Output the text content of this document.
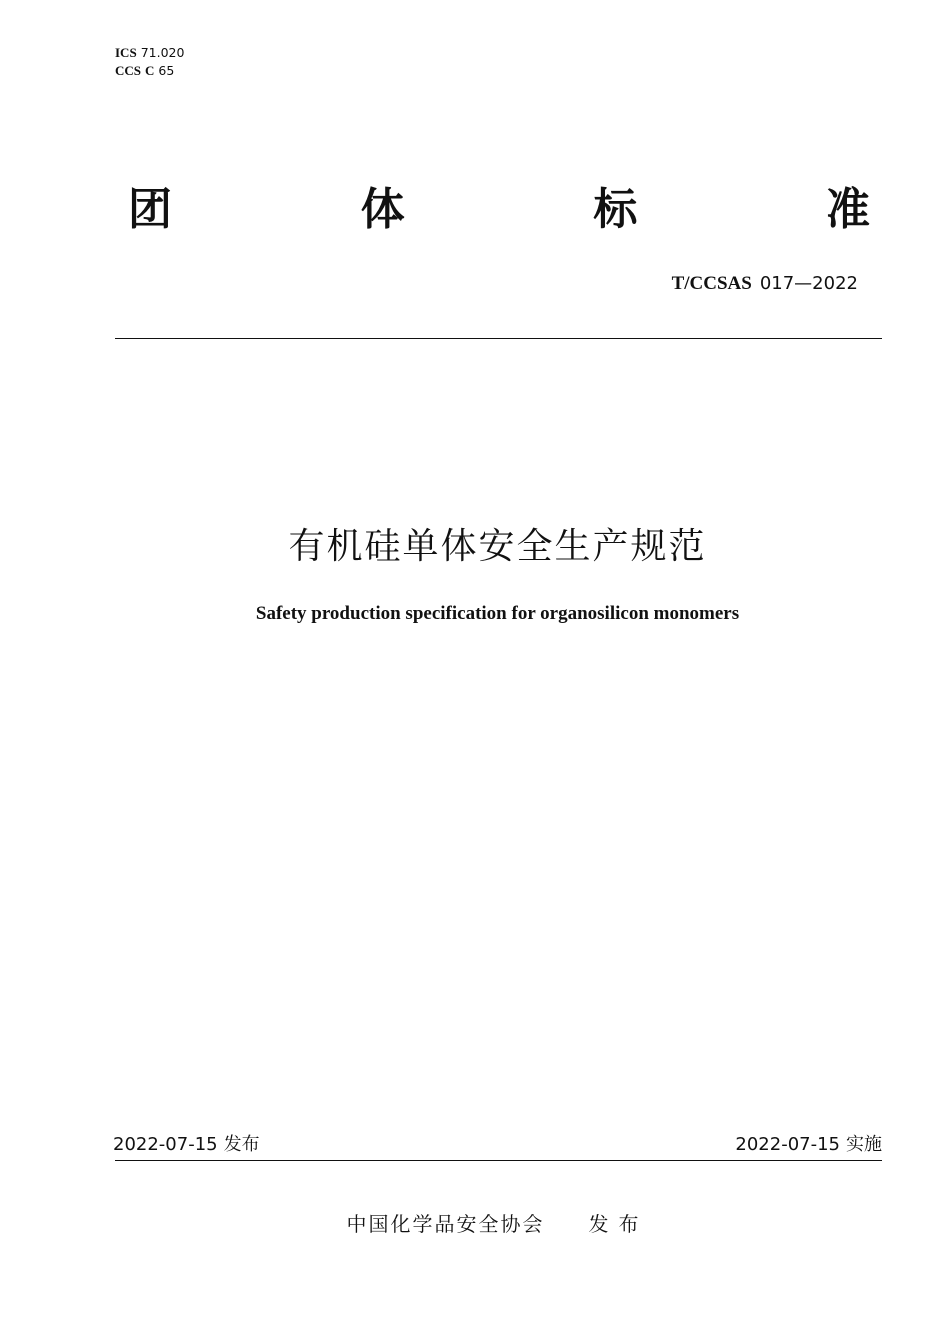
ICS 71.020
CCS C 65
团	体	标	准
T/CCSAS 017—2022
有机硅单体安全生产规范
Safety production specification for organosilicon monomers
2022-07-15 发布	2022-07-15 实施
中国化学品安全协会 发布
